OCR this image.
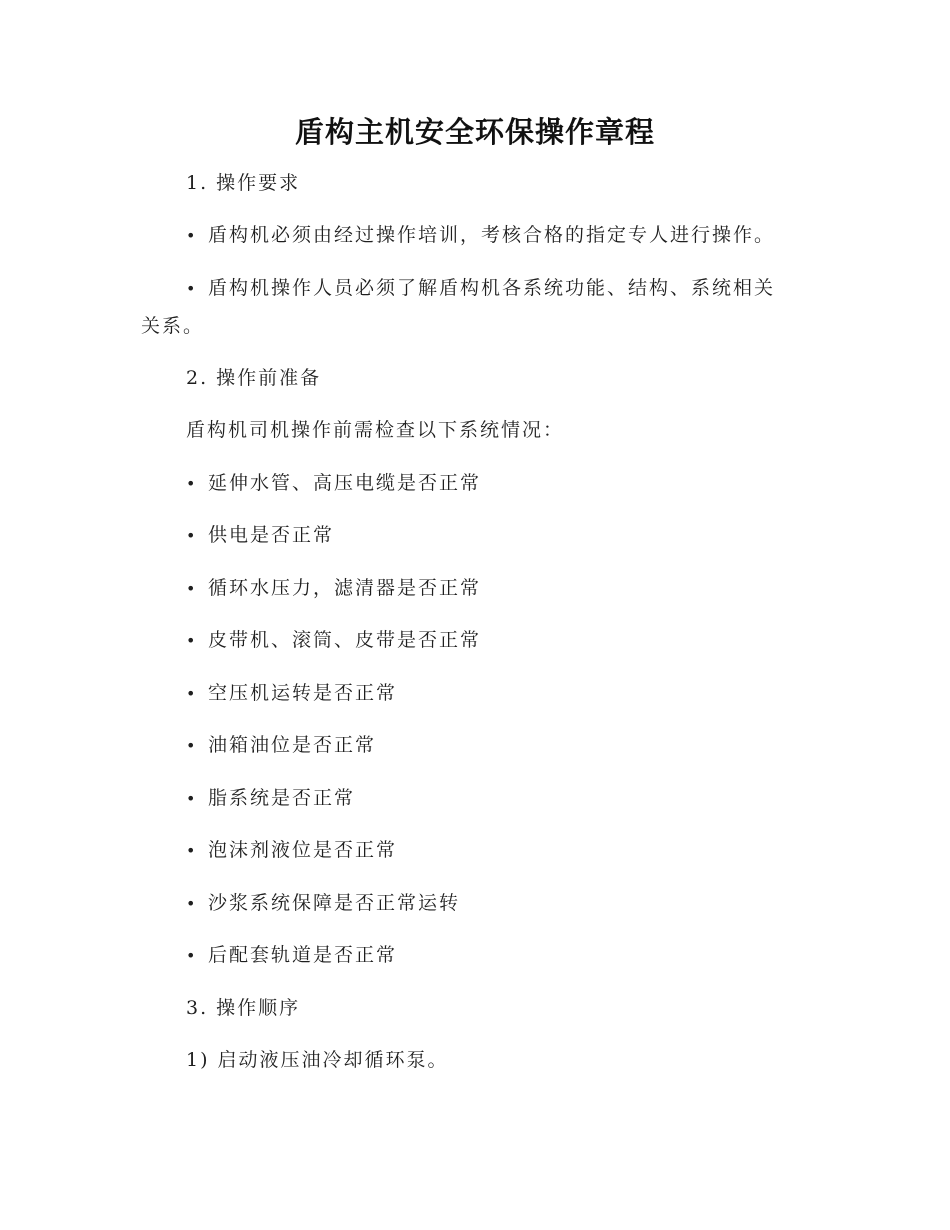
盾构主机安全环保操作章程
1. 操作要求
• 盾构机必须由经过操作培训，考核合格的指定专人进行操作。
• 盾构机操作人员必须了解盾构机各系统功能、结构、系统相关
关系。
2. 操作前准备
盾构机司机操作前需检查以下系统情况：
• 延伸水管、高压电缆是否正常
• 供电是否正常
• 循环水压力，滤清器是否正常
• 皮带机、滚筒、皮带是否正常
• 空压机运转是否正常
• 油箱油位是否正常
• 脂系统是否正常
• 泡沫剂液位是否正常
• 沙浆系统保障是否正常运转
• 后配套轨道是否正常
3. 操作顺序
1) 启动液压油冷却循环泵。
